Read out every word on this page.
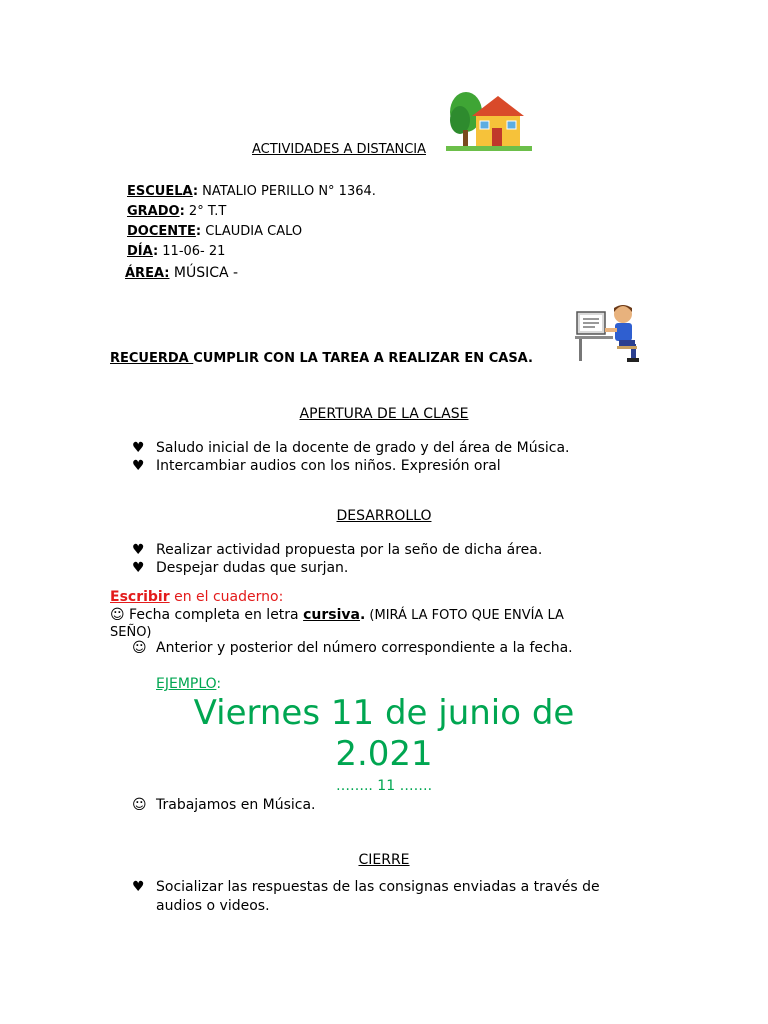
ACTIVIDADES A DISTANCIA
ESCUELA: NATALIO PERILLO N° 1364.
GRADO: 2° T.T
DOCENTE: CLAUDIA CALO
DÍA: 11-06- 21
ÁREA: MÚSICA -
RECUERDA CUMPLIR CON LA TAREA A REALIZAR EN CASA.
APERTURA DE LA CLASE
♥ Saludo inicial de la docente de grado y del área de Música.
♥ Intercambiar audios con los niños. Expresión oral
DESARROLLO
♥ Realizar actividad propuesta por la seño de dicha área.
♥ Despejar dudas que surjan.
Escribir en el cuaderno:
☺ Fecha completa en letra cursiva. (MIRÁ LA FOTO QUE ENVÍA LA
SEÑO)
☺ Anterior y posterior del número correspondiente a la fecha.
EJEMPLO:
Viernes 11 de junio de
2.021
…….. 11 …….
☺ Trabajamos en Música.
CIERRE
♥ Socializar las respuestas de las consignas enviadas a través de
audios o videos.
